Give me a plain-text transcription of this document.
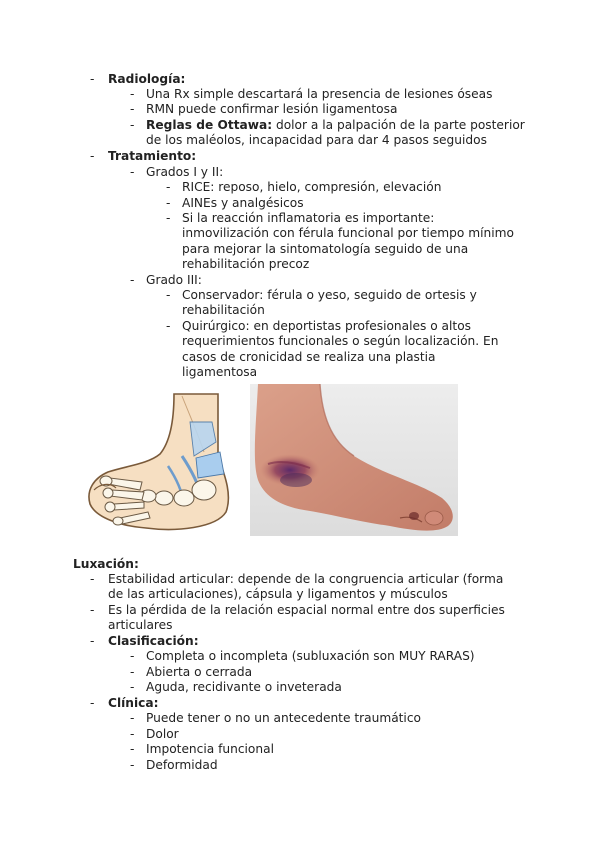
-	Radiología:
- Una Rx simple descartará la presencia de lesiones óseas
- RMN puede confirmar lesión ligamentosa
- Reglas de Ottawa: dolor a la palpación de la parte posterior
de los maléolos, incapacidad para dar 4 pasos seguidos
-	Tratamiento:
- Grados I y II:
- RICE: reposo, hielo, compresión, elevación
- AINEs y analgésicos
- Si la reacción inflamatoria es importante:
inmovilización con férula funcional por tiempo mínimo
para mejorar la sintomatología seguido de una
rehabilitación precoz
- Grado III:
- Conservador: férula o yeso, seguido de ortesis y
rehabilitación
- Quirúrgico: en deportistas profesionales o altos
requerimientos funcionales o según localización. En
casos de cronicidad se realiza una plastia
ligamentosa
Luxación:
-	Estabilidad articular: depende de la congruencia articular (forma
de las articulaciones), cápsula y ligamentos y músculos
-	Es la pérdida de la relación espacial normal entre dos superficies
articulares
-	Clasificación:
- Completa o incompleta (subluxación son MUY RARAS)
- Abierta o cerrada
- Aguda, recidivante o inveterada
-	Clínica:
- Puede tener o no un antecedente traumático
- Dolor
- Impotencia funcional
- Deformidad
